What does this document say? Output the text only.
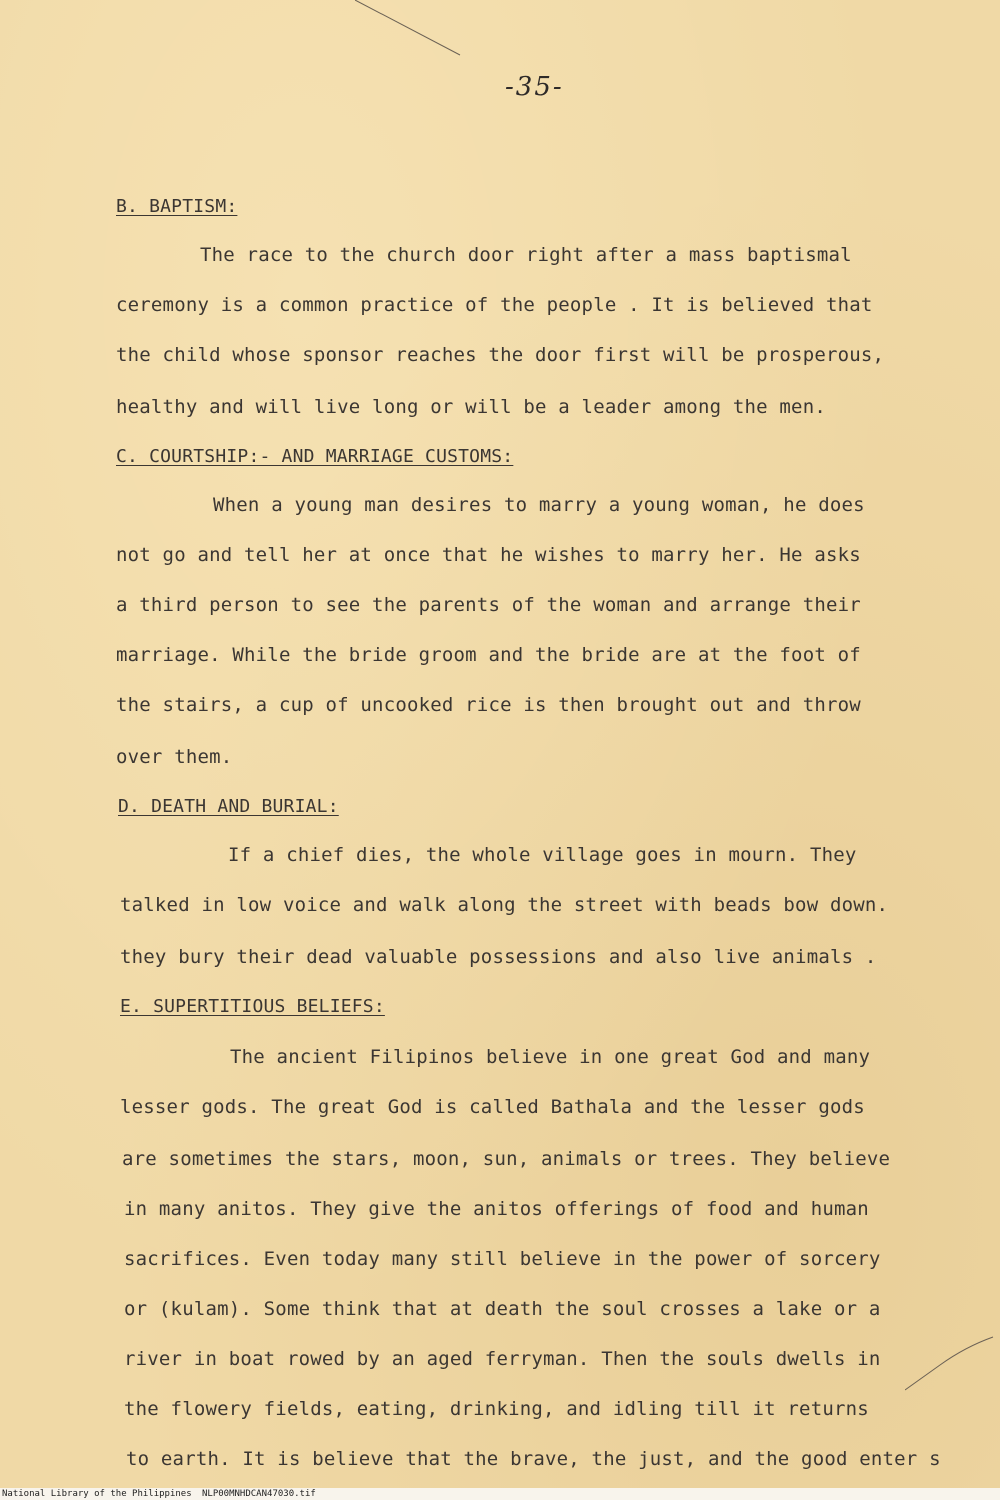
-35-
B. BAPTISM:
The race to the church door right after a mass baptismal
ceremony is a common practice of the people . It is believed that
the child whose sponsor reaches the door first will be prosperous,
healthy and will live long or will be a leader among the men.
C. COURTSHIP:- AND MARRIAGE CUSTOMS:
When a young man desires to marry a young woman, he does
not go and tell her at once that he wishes to marry her. He asks
a third person to see the parents of the woman and arrange their
marriage. While the bride groom and the bride are at the foot of
the stairs, a cup of uncooked rice is then brought out and throw
over them.
D. DEATH AND BURIAL:
If a chief dies, the whole village goes in mourn. They
talked in low voice and walk along the street with beads bow down.
they bury their dead valuable possessions and also live animals .
E. SUPERTITIOUS BELIEFS:
The ancient Filipinos believe in one great God and many
lesser gods. The great God is called Bathala and the lesser gods
are sometimes the stars, moon, sun, animals or trees. They believe
in many anitos. They give the anitos offerings of food and human
sacrifices. Even today many still believe in the power of sorcery
or (kulam). Some think that at death the soul crosses a lake or a
river in boat rowed by an aged ferryman. Then the souls dwells in
the flowery fields, eating, drinking, and idling till it returns
to earth. It is believe that the brave, the just, and the good enter s
National Library of the Philippines NLP00MNHDCAN47030.tif
